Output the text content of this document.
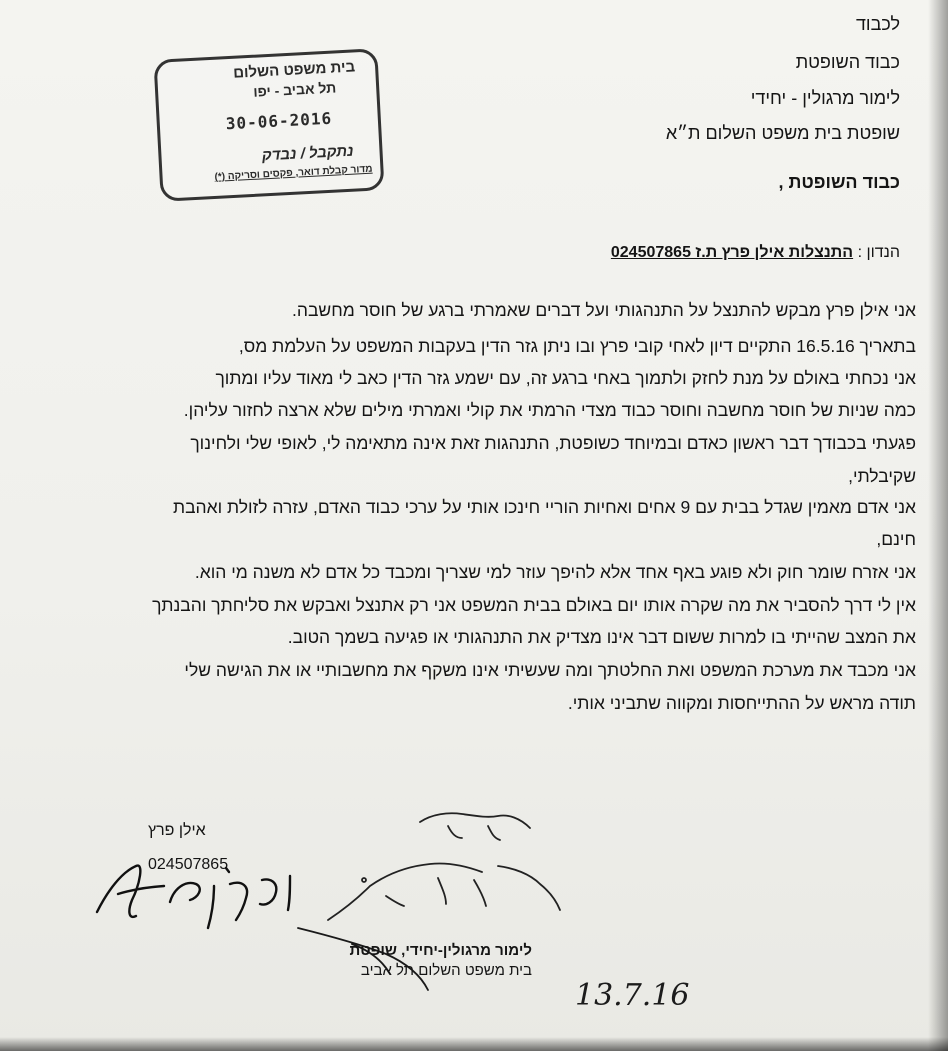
לכבוד
כבוד השופטת
לימור מרגולין - יחידי
שופטת בית משפט השלום ת״א
בית משפט השלום
תל אביב - יפו
30-06-2016
נתקבל / נבדק
מדור קבלת דואר, פקסים וסריקה (*)	כבוד השופטת ,
הנדון : התנצלות אילן פרץ ת.ז 024507865
אני אילן פרץ מבקש להתנצל על התנהגותי ועל דברים שאמרתי ברגע של חוסר מחשבה.
בתאריך 16.5.16 התקיים דיון לאחי קובי פרץ ובו ניתן גזר הדין בעקבות המשפט על העלמת מס,
אני נכחתי באולם על מנת לחזק ולתמוך באחי ברגע זה, עם ישמע גזר הדין כאב לי מאוד עליו ומתוך
כמה שניות של חוסר מחשבה וחוסר כבוד מצדי הרמתי את קולי ואמרתי מילים שלא ארצה לחזור עליהן.
פגעתי בכבודך דבר ראשון כאדם ובמיוחד כשופטת, התנהגות זאת אינה מתאימה לי, לאופי שלי ולחינוך
שקיבלתי,
אני אדם מאמין שגדל בבית עם 9 אחים ואחיות הוריי חינכו אותי על ערכי כבוד האדם, עזרה לזולת ואהבת
חינם,
אני אזרח שומר חוק ולא פוגע באף אחד אלא להיפך עוזר למי שצריך ומכבד כל אדם לא משנה מי הוא.
אין לי דרך להסביר את מה שקרה אותו יום באולם בבית המשפט אני רק אתנצל ואבקש את סליחתך והבנתך
את המצב שהייתי בו למרות ששום דבר אינו מצדיק את התנהגותי או פגיעה בשמך הטוב.
אני מכבד את מערכת המשפט ואת החלטתך ומה שעשיתי אינו משקף את מחשבותיי או את הגישה שלי
תודה מראש על ההתייחסות ומקווה שתביני אותי.
אילן פרץ
024507865
לימור מרגולין-יחידי, שופטת
בית משפט השלום תל אביב
13.7.16
